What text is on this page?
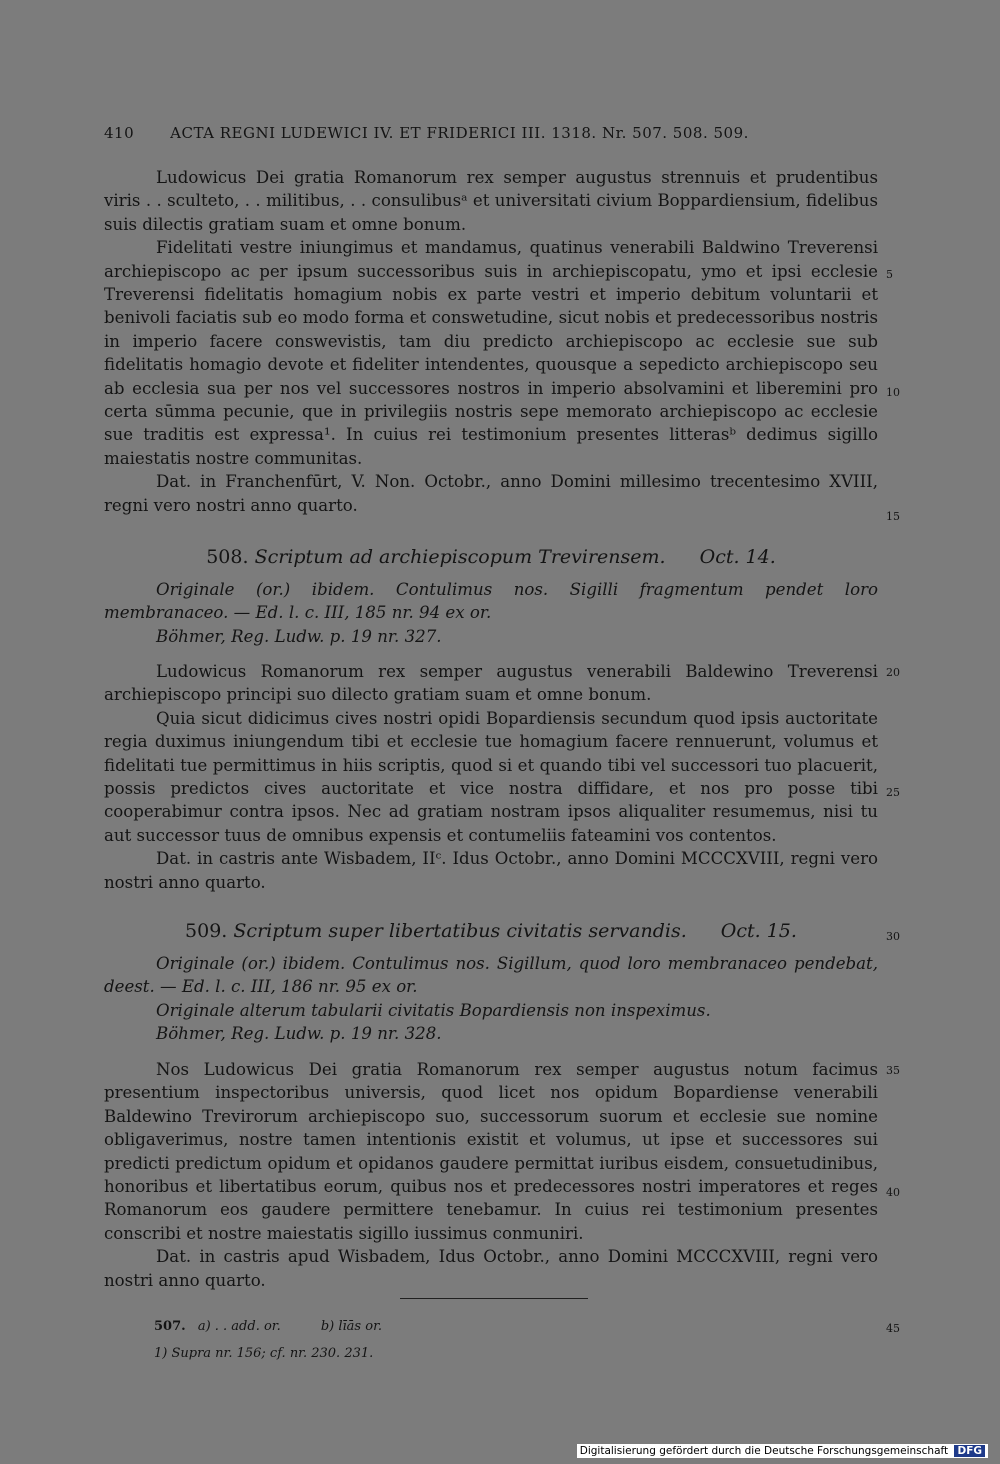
410 ACTA REGNI LUDEWICI IV. ET FRIDERICI III. 1318. Nr. 507. 508. 509.

Ludowicus Dei gratia Romanorum rex semper augustus strennuis et prudentibus viris . . sculteto, . . militibus, . . consulibusᵃ et universitati civium Boppardiensium, fidelibus suis dilectis gratiam suam et omne bonum.

Fidelitati vestre iniungimus et mandamus, quatinus venerabili Baldwino Treverensi archiepiscopo ac per ipsum successoribus suis in archiepiscopatu, ymo et ipsi ecclesie Treverensi fidelitatis homagium nobis ex parte vestri et imperio debitum voluntarii et benivoli faciatis sub eo modo forma et conswetudine, sicut nobis et predecessoribus nostris in imperio facere conswevistis, tam diu predicto archiepiscopo ac ecclesie sue sub fidelitatis homagio devote et fideliter intendentes, quousque a sepedicto archiepiscopo seu ab ecclesia sua per nos vel successores nostros in imperio absolvamini et liberemini pro certa sūmma pecunie, que in privilegiis nostris sepe memorato archiepiscopo ac ecclesie sue traditis est expressa¹. In cuius rei testimonium presentes litterasᵇ dedimus sigillo maiestatis nostre communitas.

Dat. in Franchenfūrt, V. Non. Octobr., anno Domini millesimo trecentesimo XVIII, regni vero nostri anno quarto.

508. Scriptum ad archiepiscopum Trevirensem. Oct. 14.

Originale (or.) ibidem. Contulimus nos. Sigilli fragmentum pendet loro membranaceo. — Ed. l. c. III, 185 nr. 94 ex or.

Böhmer, Reg. Ludw. p. 19 nr. 327.

Ludowicus Romanorum rex semper augustus venerabili Baldewino Treverensi archiepiscopo principi suo dilecto gratiam suam et omne bonum.

Quia sicut didicimus cives nostri opidi Bopardiensis secundum quod ipsis auctoritate regia duximus iniungendum tibi et ecclesie tue homagium facere rennuerunt, volumus et fidelitati tue permittimus in hiis scriptis, quod si et quando tibi vel successori tuo placuerit, possis predictos cives auctoritate et vice nostra diffidare, et nos pro posse tibi cooperabimur contra ipsos. Nec ad gratiam nostram ipsos aliqualiter resumemus, nisi tu aut successor tuus de omnibus expensis et contumeliis fateamini vos contentos.

Dat. in castris ante Wisbadem, IIᶜ. Idus Octobr., anno Domini MCCCXVIII, regni vero nostri anno quarto.

509. Scriptum super libertatibus civitatis servandis. Oct. 15.

Originale (or.) ibidem. Contulimus nos. Sigillum, quod loro membranaceo pendebat, deest. — Ed. l. c. III, 186 nr. 95 ex or.

Originale alterum tabularii civitatis Bopardiensis non inspeximus.

Böhmer, Reg. Ludw. p. 19 nr. 328.

Nos Ludowicus Dei gratia Romanorum rex semper augustus notum facimus presentium inspectoribus universis, quod licet nos opidum Bopardiense venerabili Baldewino Trevirorum archiepiscopo suo, successorum suorum et ecclesie sue nomine obligaverimus, nostre tamen intentionis existit et volumus, ut ipse et successores sui predicti predictum opidum et opidanos gaudere permittat iuribus eisdem, consuetudinibus, honoribus et libertatibus eorum, quibus nos et predecessores nostri imperatores et reges Romanorum eos gaudere permittere tenebamur. In cuius rei testimonium presentes conscribi et nostre maiestatis sigillo iussimus conmuniri.

Dat. in castris apud Wisbadem, Idus Octobr., anno Domini MCCCXVIII, regni vero nostri anno quarto.

5
10
15
20
25
30
35
40
45
507. a) . . add. or.	b) līās or.
1) Supra nr. 156; cf. nr. 230. 231.
Digitalisierung gefördert durch die Deutsche Forschungsgemeinschaft DFG
